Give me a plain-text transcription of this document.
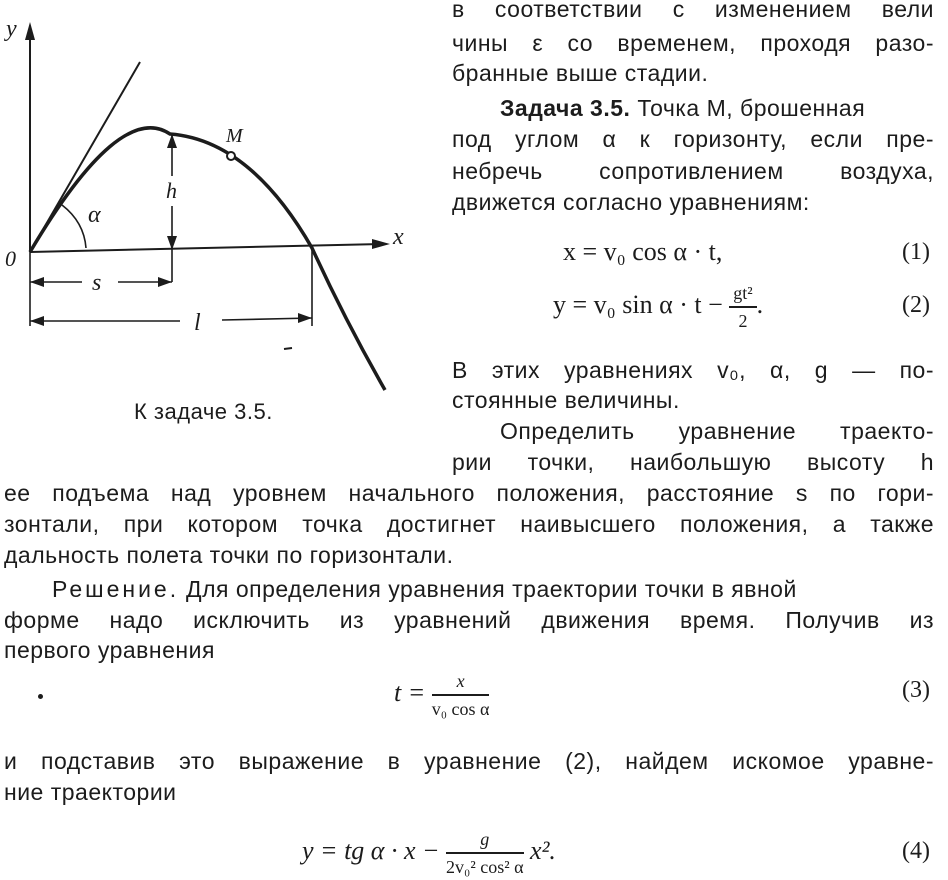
y
x
0
α
M
h
s
l
К задаче 3.5.
в соответствии с изменением вели
чины ε со временем, проходя разо-
бранные выше стадии.
Задача 3.5. Точка M, брошенная
под углом α к горизонту, если пре-
небречь сопротивлением воздуха,
движется согласно уравнениям:
x = v₀ cos α · t,	(1)
y = v₀ $\sin \alpha \cdot t - \frac{\text{gt²}}{2}$ .	(2)
В этих уравнениях v₀, α, g — по-
стоянные величины.
Определить уравнение траекто-
рии точки, наибольшую высоту h
ее подъема над уровнем начального положения, расстояние s по гори-
зонтали, при котором точка достигнет наивысшего положения, а также
дальность полета точки по горизонтали.
Решение. Для определения уравнения траектории точки в явной
форме надо исключить из уравнений движения время. Получив из
первого уравнения
$t = \frac{x}{\text{v₀ cos α}}$	(3)
и подставив это выражение в уравнение (2), найдем искомое уравне-
ние траектории
y = tg $\alpha \cdot x - \frac{g}{\text{2v₀² cos² α}} x^2$.	(4)
